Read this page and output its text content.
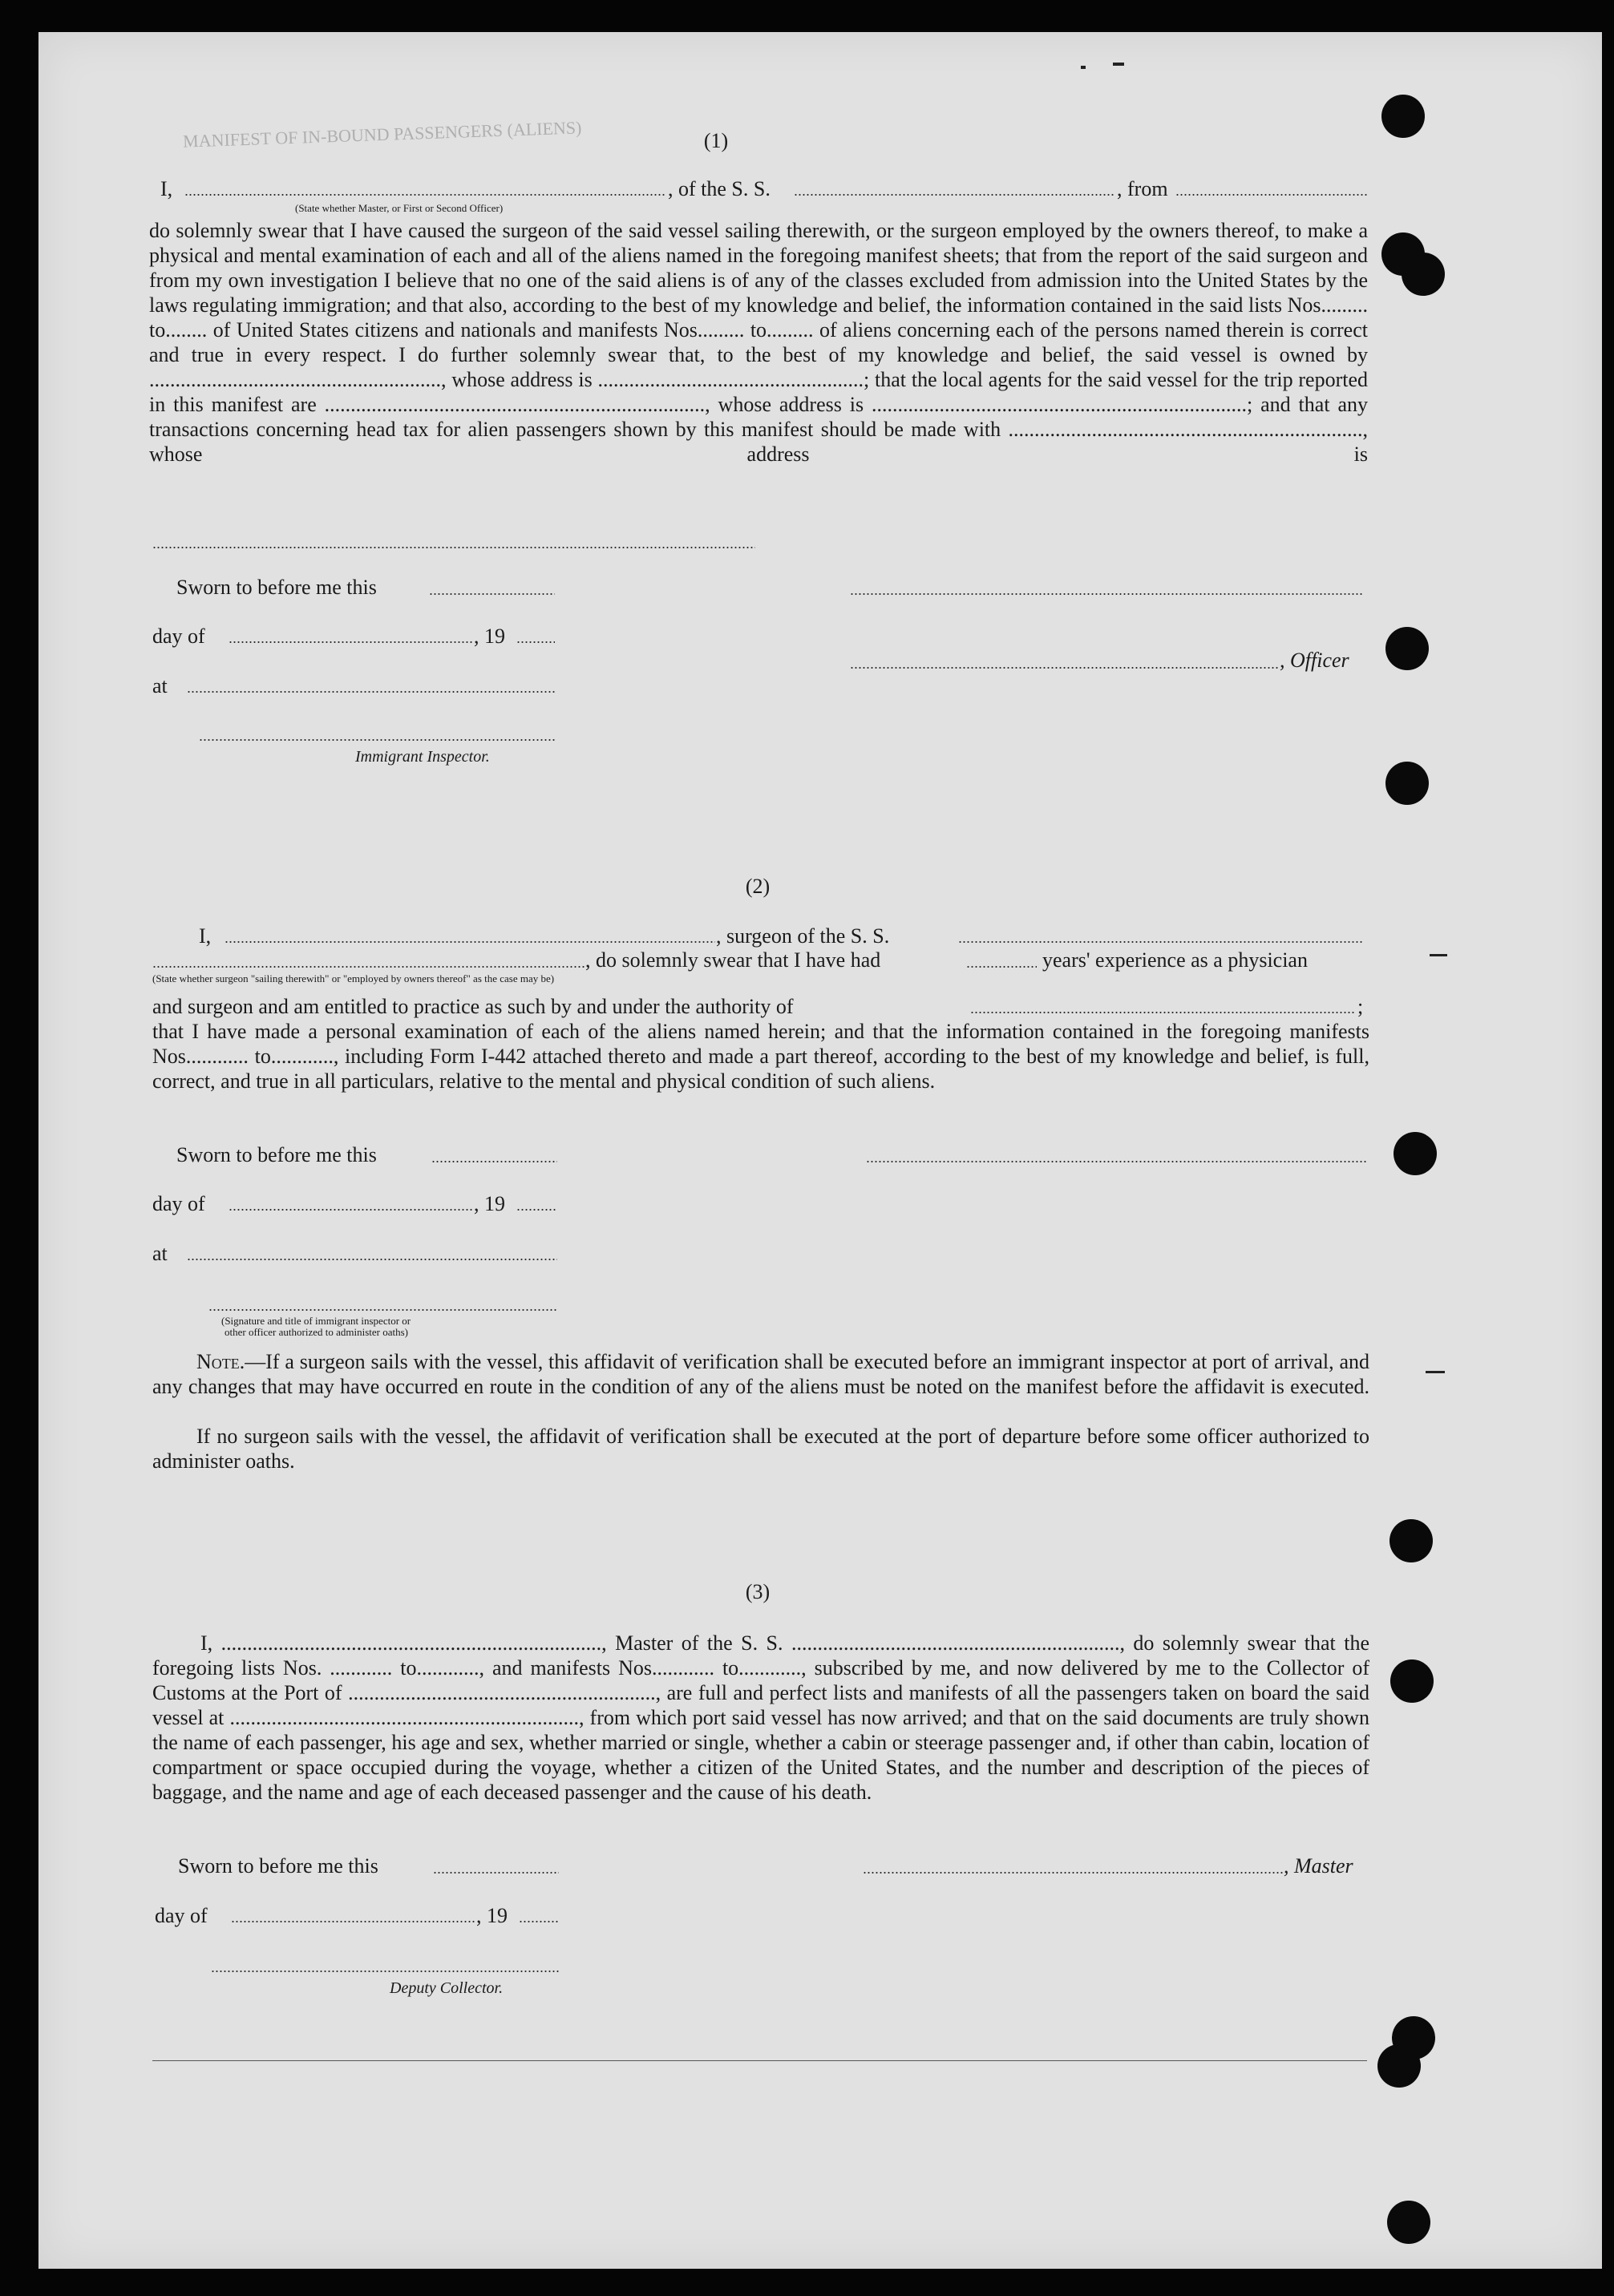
MANIFEST OF IN-BOUND PASSENGERS (ALIENS)	(1)
I,	, of the S. S.	, from
(State whether Master, or First or Second Officer)
do solemnly swear that I have caused the surgeon of the said vessel sailing therewith, or the surgeon employed by the owners thereof, to make a physical and mental examination of each and all of the aliens named in the foregoing manifest sheets; that from the report of the said surgeon and from my own investigation I believe that no one of the said aliens is of any of the classes excluded from admission into the United States by the laws regulating immigration; and that also, according to the best of my knowledge and belief, the information contained in the said lists Nos......... to........ of United States citizens and nationals and manifests Nos......... to......... of aliens concerning each of the persons named therein is correct and true in every respect. I do further solemnly swear that, to the best of my knowledge and belief, the said vessel is owned by ........................................................, whose address is ...................................................; that the local agents for the said vessel for the trip reported in this manifest are ........................................................................., whose address is ........................................................................; and that any transactions concerning head tax for alien passengers shown by this manifest should be made with ...................................................................., whose address is
Sworn to before me this
day of	, 19
, Officer
at
Immigrant Inspector.
(2)
I,	, surgeon of the S. S.
, do solemnly swear that I have had	years' experience as a physician
(State whether surgeon "sailing therewith" or "employed by owners thereof" as the case may be)
and surgeon and am entitled to practice as such by and under the authority of	;
that I have made a personal examination of each of the aliens named herein; and that the information contained in the foregoing manifests Nos............ to............, including Form I-442 attached thereto and made a part thereof, according to the best of my knowledge and belief, is full, correct, and true in all particulars, relative to the mental and physical condition of such aliens.
Sworn to before me this
day of	, 19
at
(Signature and title of immigrant inspector or
other officer authorized to administer oaths)
Note.—If a surgeon sails with the vessel, this affidavit of verification shall be executed before an immigrant inspector at port of arrival, and any changes that may have occurred en route in the condition of any of the aliens must be noted on the manifest before the affidavit is executed.
If no surgeon sails with the vessel, the affidavit of verification shall be executed at the port of departure before some officer authorized to administer oaths.
(3)
I, ........................................................................., Master of the S. S. ..............................................................., do solemnly swear that the foregoing lists Nos. ............ to............, and manifests Nos............ to............, subscribed by me, and now delivered by me to the Collector of Customs at the Port of ..........................................................., are full and perfect lists and manifests of all the passengers taken on board the said vessel at ..................................................................., from which port said vessel has now arrived; and that on the said documents are truly shown the name of each passenger, his age and sex, whether married or single, whether a cabin or steerage passenger and, if other than cabin, location of compartment or space occupied during the voyage, whether a citizen of the United States, and the number and description of the pieces of baggage, and the name and age of each deceased passenger and the cause of his death.
Sworn to before me this	, Master
day of	, 19
Deputy Collector.
